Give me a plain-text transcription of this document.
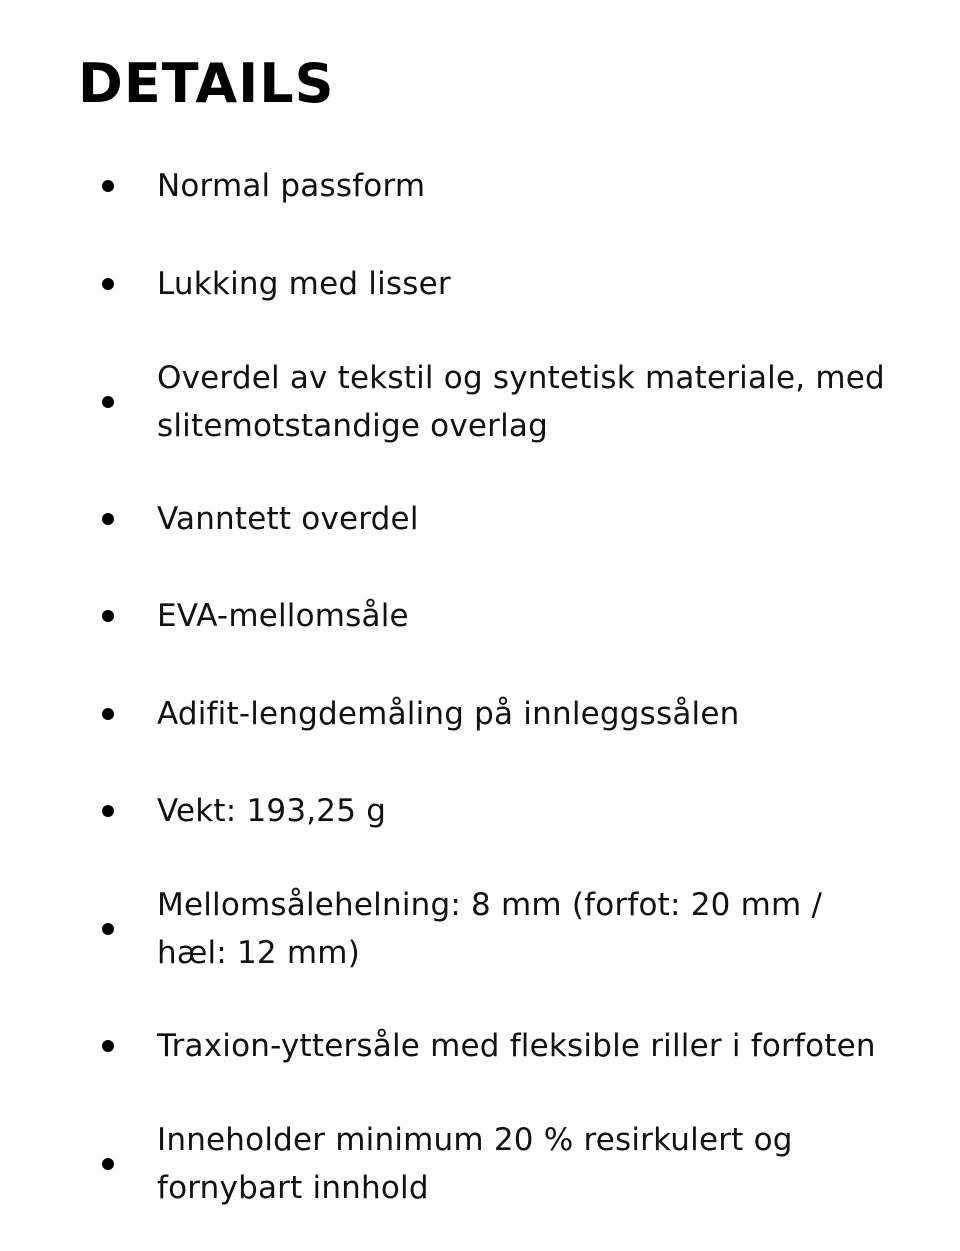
DETAILS
Normal passform
Lukking med lisser
Overdel av tekstil og syntetisk materiale, med slitemotstandige overlag
Vanntett overdel
EVA-mellomsåle
Adifit-lengdemåling på innleggssålen
Vekt: 193,25 g
Mellomsålehelning: 8 mm (forfot: 20 mm / hæl: 12 mm)
Traxion-yttersåle med fleksible riller i forfoten
Inneholder minimum 20 % resirkulert og fornybart innhold
